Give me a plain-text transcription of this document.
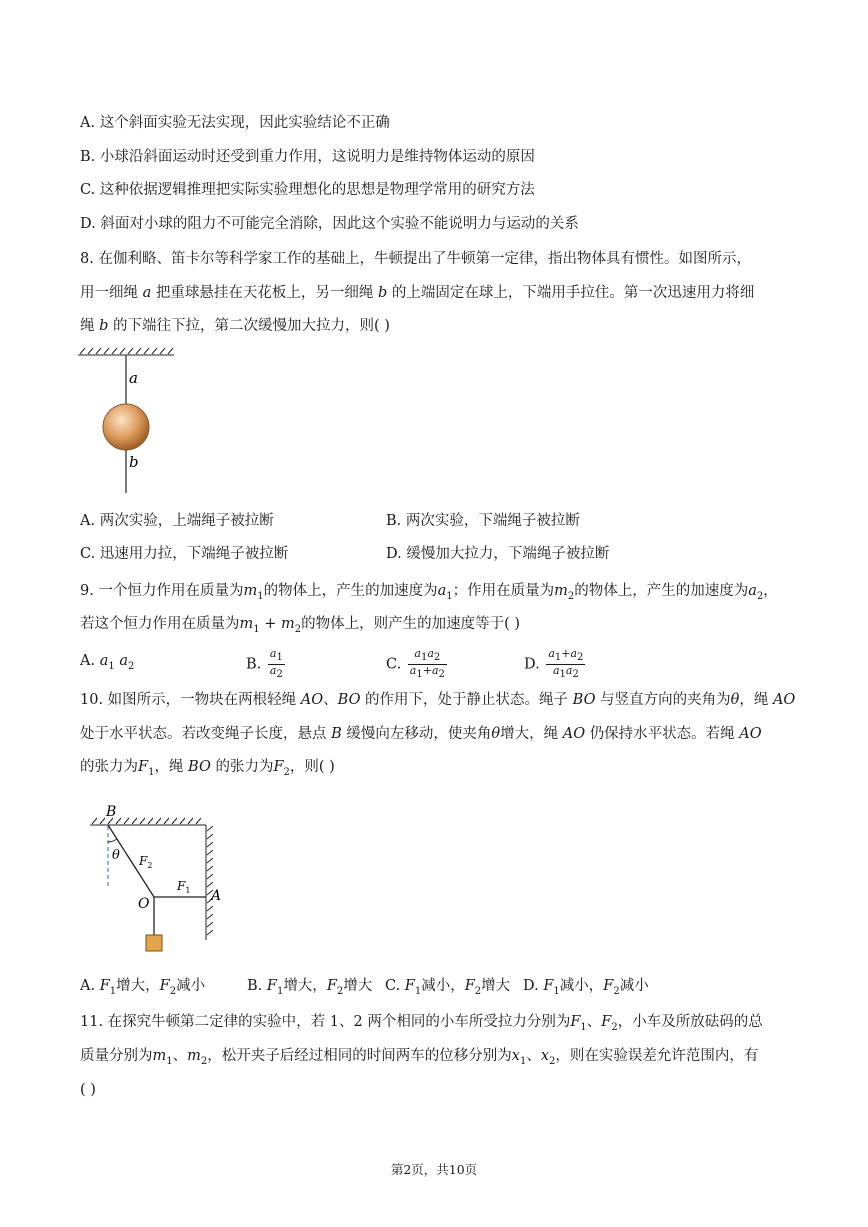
A. 这个斜面实验无法实现，因此实验结论不正确
B. 小球沿斜面运动时还受到重力作用，这说明力是维持物体运动的原因
C. 这种依据逻辑推理把实际实验理想化的思想是物理学常用的研究方法
D. 斜面对小球的阻力不可能完全消除，因此这个实验不能说明力与运动的关系
8. 在伽利略、笛卡尔等科学家工作的基础上，牛顿提出了牛顿第一定律，指出物体具有惯性。如图所示，
用一细绳 a 把重球悬挂在天花板上，另一细绳 b 的上端固定在球上，下端用手拉住。第一次迅速用力将细
绳 b 的下端往下拉，第二次缓慢加大拉力，则( )
a
b
A. 两次实验，上端绳子被拉断	B. 两次实验，下端绳子被拉断
C. 迅速用力拉，下端绳子被拉断	D. 缓慢加大拉力，下端绳子被拉断
9. 一个恒力作用在质量为$m_1$的物体上，产生的加速度为$a_1$；作用在质量为$m_2$的物体上，产生的加速度为$a_2$，
若这个恒力作用在质量为$m_1 + m_2$的物体上，则产生的加速度等于( )
A. $a_1$ $a_2$	B. $\frac{a_1}{a_2}$	C. $\frac{a_1a_2}{a_1+a_2}$	D. $\frac{a_1+a_2}{a_1a_2}$
10. 如图所示，一物块在两根轻绳 AO、BO 的作用下，处于静止状态。绳子 BO 与竖直方向的夹角为θ，绳 AO
处于水平状态。若改变绳子长度，悬点 B 缓慢向左移动，使夹角θ增大，绳 AO 仍保持水平状态。若绳 AO
的张力为$F_1$，绳 BO 的张力为$F_2$，则( )
B
θ $F_2$
$F_1$
O	A
A. $F_1$增大，$F_2$减小	B. $F_1$增大，$F_2$增大 C. $F_1$减小，$F_2$增大 D. $F_1$减小，$F_2$减小
11. 在探究牛顿第二定律的实验中，若 1、2 两个相同的小车所受拉力分别为$F_1$、$F_2$，小车及所放砝码的总
质量分别为$m_1$、$m_2$，松开夹子后经过相同的时间两车的位移分别为$x_1$、$x_2$，则在实验误差允许范围内，有
( )
第2页，共10页
